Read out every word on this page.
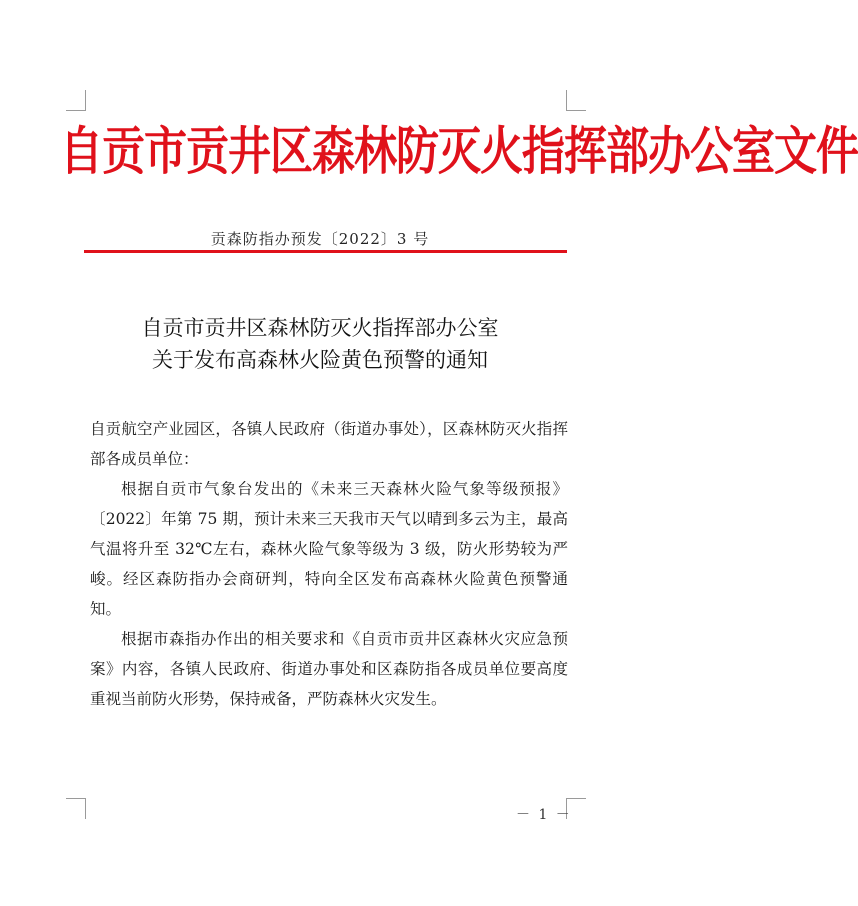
自贡市贡井区森林防灭火指挥部办公室文件
贡森防指办预发〔2022〕3 号
自贡市贡井区森林防灭火指挥部办公室
关于发布高森林火险黄色预警的通知

自贡航空产业园区，各镇人民政府（街道办事处），区森林防灭火指挥部各成员单位：

根据自贡市气象台发出的《未来三天森林火险气象等级预报》〔2022〕年第 75 期，预计未来三天我市天气以晴到多云为主，最高气温将升至 32℃左右，森林火险气象等级为 3 级，防火形势较为严峻。经区森防指办会商研判，特向全区发布高森林火险黄色预警通知。

根据市森指办作出的相关要求和《自贡市贡井区森林火灾应急预案》内容，各镇人民政府、街道办事处和区森防指各成员单位要高度重视当前防火形势，保持戒备，严防森林火灾发生。

－ 1 －
